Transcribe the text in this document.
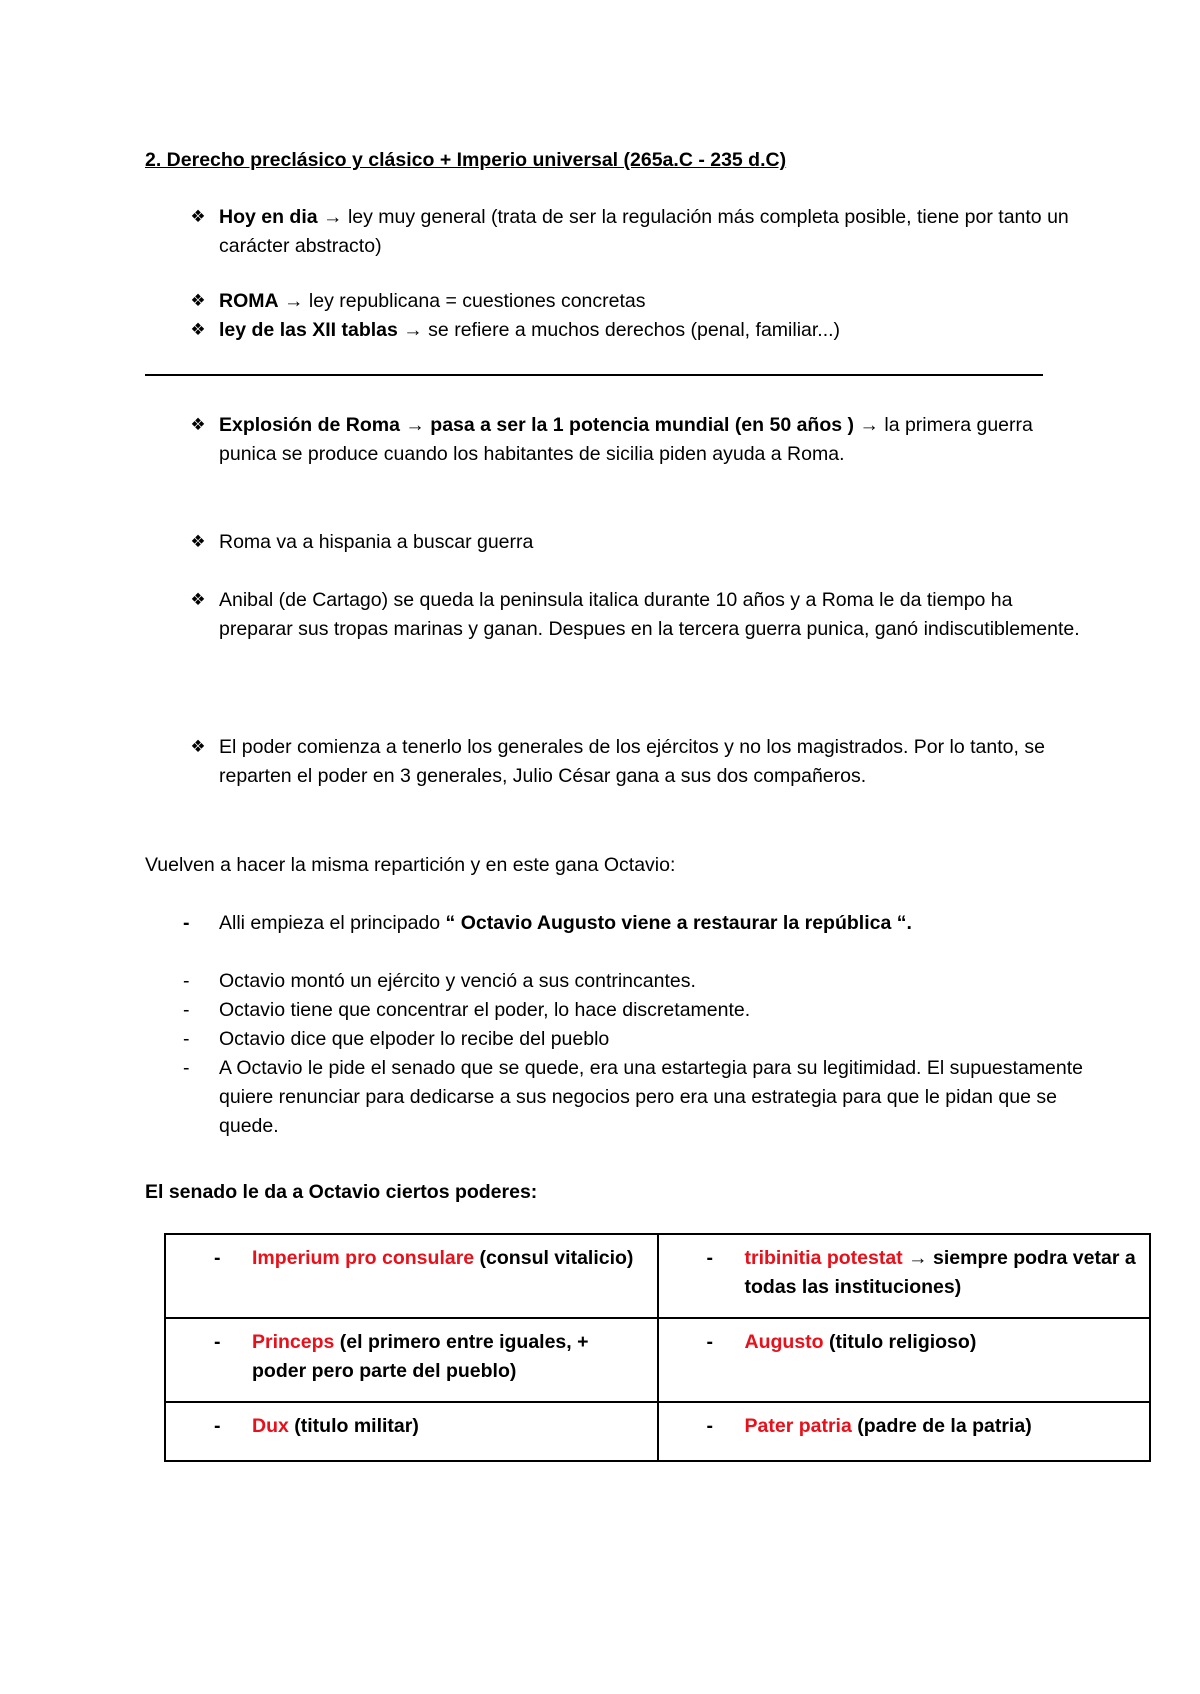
2. Derecho preclásico y clásico + Imperio universal (265a.C - 235 d.C)

❖ Hoy en dia → ley muy general (trata de ser la regulación más completa posible, tiene por tanto un carácter abstracto)
❖ ROMA → ley republicana = cuestiones concretas
❖ ley de las XII tablas → se refiere a muchos derechos (penal, familiar...)
❖ Explosión de Roma → pasa a ser la 1 potencia mundial (en 50 años ) → la primera guerra punica se produce cuando los habitantes de sicilia piden ayuda a Roma.
❖ Roma va a hispania a buscar guerra
❖ Anibal (de Cartago) se queda la peninsula italica durante 10 años y a Roma le da tiempo ha preparar sus tropas marinas y ganan. Despues en la tercera guerra punica, ganó indiscutiblemente.
❖ El poder comienza a tenerlo los generales de los ejércitos y no los magistrados. Por lo tanto, se reparten el poder en 3 generales, Julio César gana a sus dos compañeros.
Vuelven a hacer la misma repartición y en este gana Octavio:
-	Alli empieza el principado “ Octavio Augusto viene a restaurar la república “.
-	Octavio montó un ejército y venció a sus contrincantes.
-	Octavio tiene que concentrar el poder, lo hace discretamente.
-	Octavio dice que elpoder lo recibe del pueblo
-	A Octavio le pide el senado que se quede, era una estartegia para su legitimidad. El supuestamente quiere renunciar para dedicarse a sus negocios pero era una estrategia para que le pidan que se quede.
El senado le da a Octavio ciertos poderes:
- Imperium pro consulare (consul vitalicio)	- tribinitia potestat → siempre podra vetar a todas las instituciones)

- Princeps (el primero entre iguales, + poder pero parte del pueblo)	- Augusto (titulo religioso)

- Dux (titulo militar)	- Pater patria (padre de la patria)
